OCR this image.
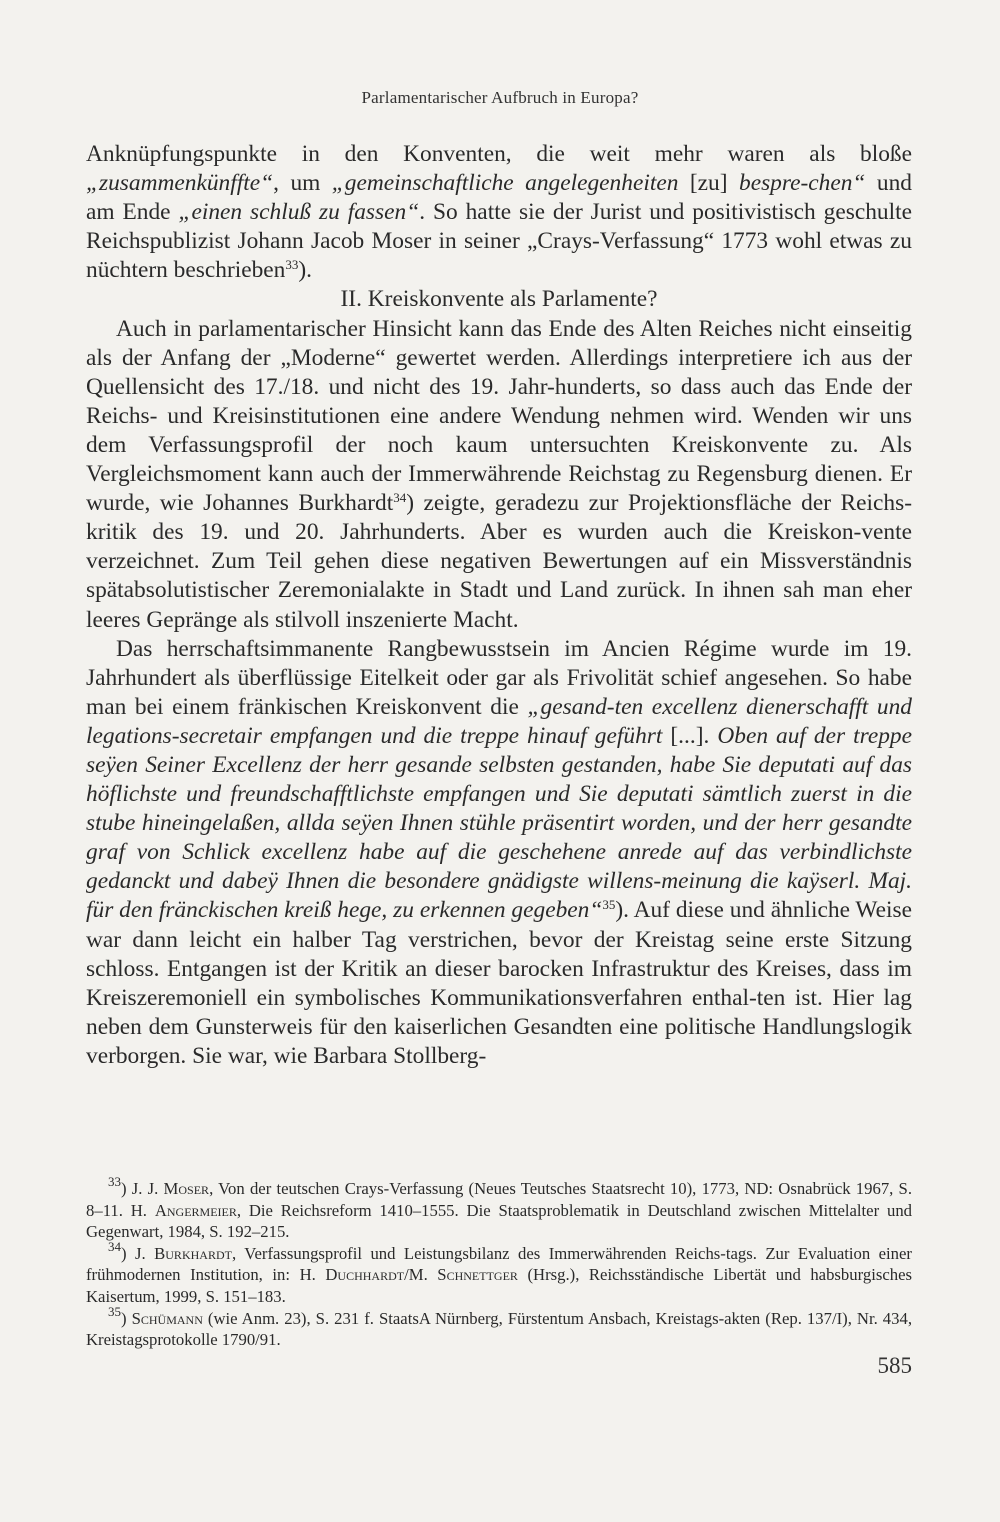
Parlamentarischer Aufbruch in Europa?

Anknüpfungspunkte in den Konventen, die weit mehr waren als bloße „zusammenkünffte“, um „gemeinschaftliche angelegenheiten [zu] bespre-chen“ und am Ende „einen schluß zu fassen“. So hatte sie der Jurist und positivistisch geschulte Reichspublizist Johann Jacob Moser in seiner „Crays-Verfassung“ 1773 wohl etwas zu nüchtern beschrieben$^{33}$).

II. Kreiskonvente als Parlamente?

Auch in parlamentarischer Hinsicht kann das Ende des Alten Reiches nicht einseitig als der Anfang der „Moderne“ gewertet werden. Allerdings interpretiere ich aus der Quellensicht des 17./18. und nicht des 19. Jahr-hunderts, so dass auch das Ende der Reichs- und Kreisinstitutionen eine andere Wendung nehmen wird. Wenden wir uns dem Verfassungsprofil der noch kaum untersuchten Kreiskonvente zu. Als Vergleichsmoment kann auch der Immerwährende Reichstag zu Regensburg dienen. Er wurde, wie Johannes Burkhardt$^{34}$) zeigte, geradezu zur Projektionsfläche der Reichs-kritik des 19. und 20. Jahrhunderts. Aber es wurden auch die Kreiskon-vente verzeichnet. Zum Teil gehen diese negativen Bewertungen auf ein Missverständnis spätabsolutistischer Zeremonialakte in Stadt und Land zurück. In ihnen sah man eher leeres Gepränge als stilvoll inszenierte Macht.

Das herrschaftsimmanente Rangbewusstsein im Ancien Régime wurde im 19. Jahrhundert als überflüssige Eitelkeit oder gar als Frivolität schief angesehen. So habe man bei einem fränkischen Kreiskonvent die „gesand-ten excellenz dienerschafft und legations-secretair empfangen und die treppe hinauf geführt [...]. Oben auf der treppe seÿen Seiner Excellenz der herr gesande selbsten gestanden, habe Sie deputati auf das höflichste und freundschafftlichste empfangen und Sie deputati sämtlich zuerst in die stube hineingelaßen, allda seÿen Ihnen stühle präsentirt worden, und der herr gesandte graf von Schlick excellenz habe auf die geschehene anrede auf das verbindlichste gedanckt und dabeÿ Ihnen die besondere gnädigste willens-meinung die kaÿserl. Maj. für den fränckischen kreiß hege, zu erkennen gegeben“$^{35}$). Auf diese und ähnliche Weise war dann leicht ein halber Tag verstrichen, bevor der Kreistag seine erste Sitzung schloss. Entgangen ist der Kritik an dieser barocken Infrastruktur des Kreises, dass im Kreiszeremoniell ein symbolisches Kommunikationsverfahren enthal-ten ist. Hier lag neben dem Gunsterweis für den kaiserlichen Gesandten eine politische Handlungslogik verborgen. Sie war, wie Barbara Stollberg-

$^{33}$) J. J. Moser, Von der teutschen Crays-Verfassung (Neues Teutsches Staatsrecht 10), 1773, ND: Osnabrück 1967, S. 8–11. H. Angermeier, Die Reichsreform 1410–1555. Die Staatsproblematik in Deutschland zwischen Mittelalter und Gegenwart, 1984, S. 192–215.

$^{34}$) J. Burkhardt, Verfassungsprofil und Leistungsbilanz des Immerwährenden Reichs-tags. Zur Evaluation einer frühmodernen Institution, in: H. Duchhardt/M. Schnettger (Hrsg.), Reichsständische Libertät und habsburgisches Kaisertum, 1999, S. 151–183.

$^{35}$) Schümann (wie Anm. 23), S. 231 f. StaatsA Nürnberg, Fürstentum Ansbach, Kreistags-akten (Rep. 137/I), Nr. 434, Kreistagsprotokolle 1790/91.

585
